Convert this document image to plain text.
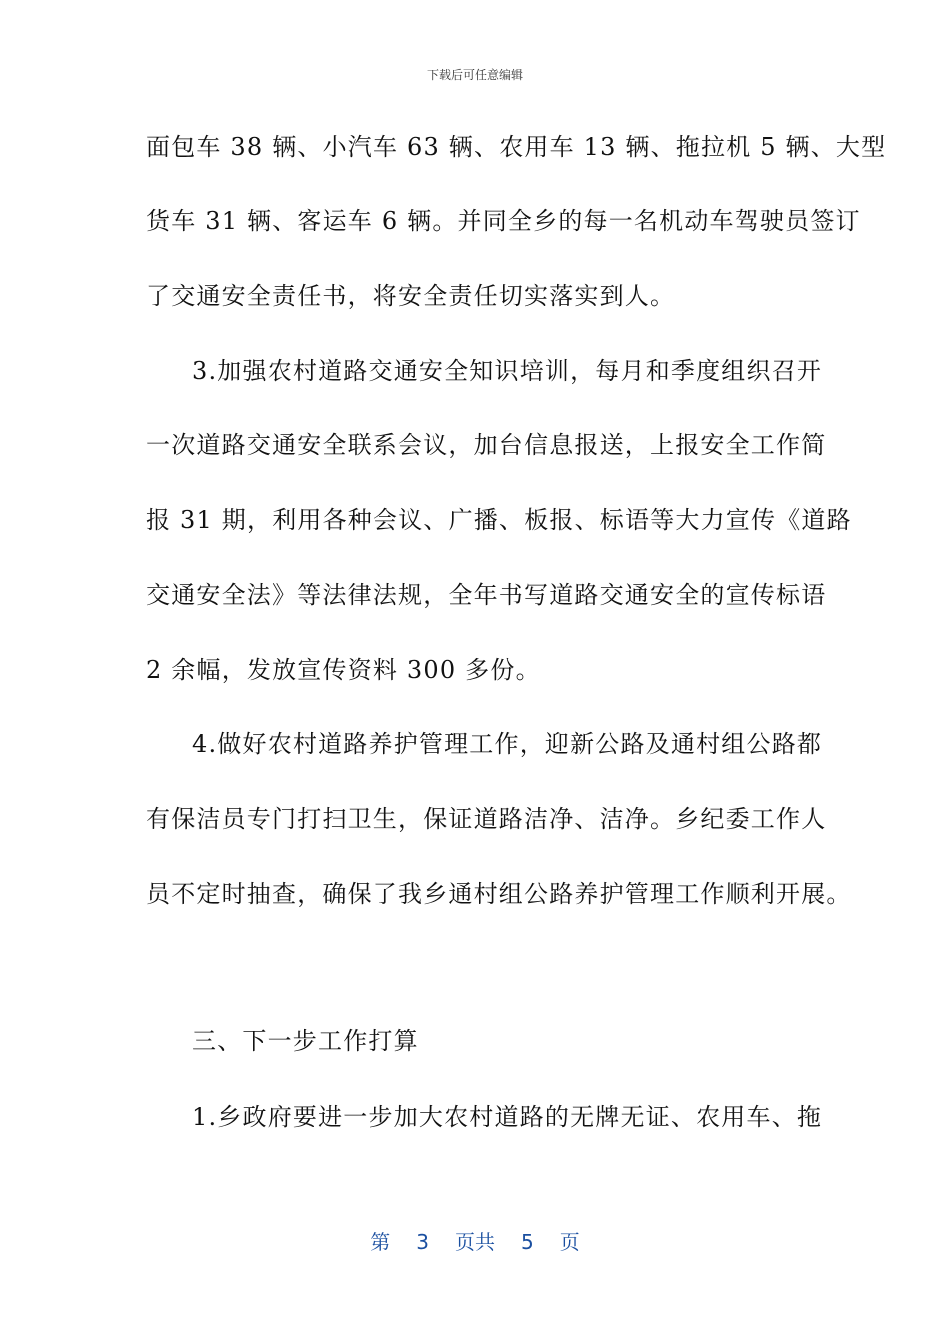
下载后可任意编辑
面包车 38 辆、小汽车 63 辆、农用车 13 辆、拖拉机 5 辆、大型
货车 31 辆、客运车 6 辆。并同全乡的每一名机动车驾驶员签订
了交通安全责任书，将安全责任切实落实到人。
3.加强农村道路交通安全知识培训，每月和季度组织召开
一次道路交通安全联系会议，加台信息报送，上报安全工作简
报 31 期，利用各种会议、广播、板报、标语等大力宣传《道路
交通安全法》等法律法规，全年书写道路交通安全的宣传标语
2 余幅，发放宣传资料 300 多份。
4.做好农村道路养护管理工作，迎新公路及通村组公路都
有保洁员专门打扫卫生，保证道路洁净、洁净。乡纪委工作人
员不定时抽查，确保了我乡通村组公路养护管理工作顺利开展。
三、下一步工作打算
1.乡政府要进一步加大农村道路的无牌无证、农用车、拖
第 3 页共 5 页
